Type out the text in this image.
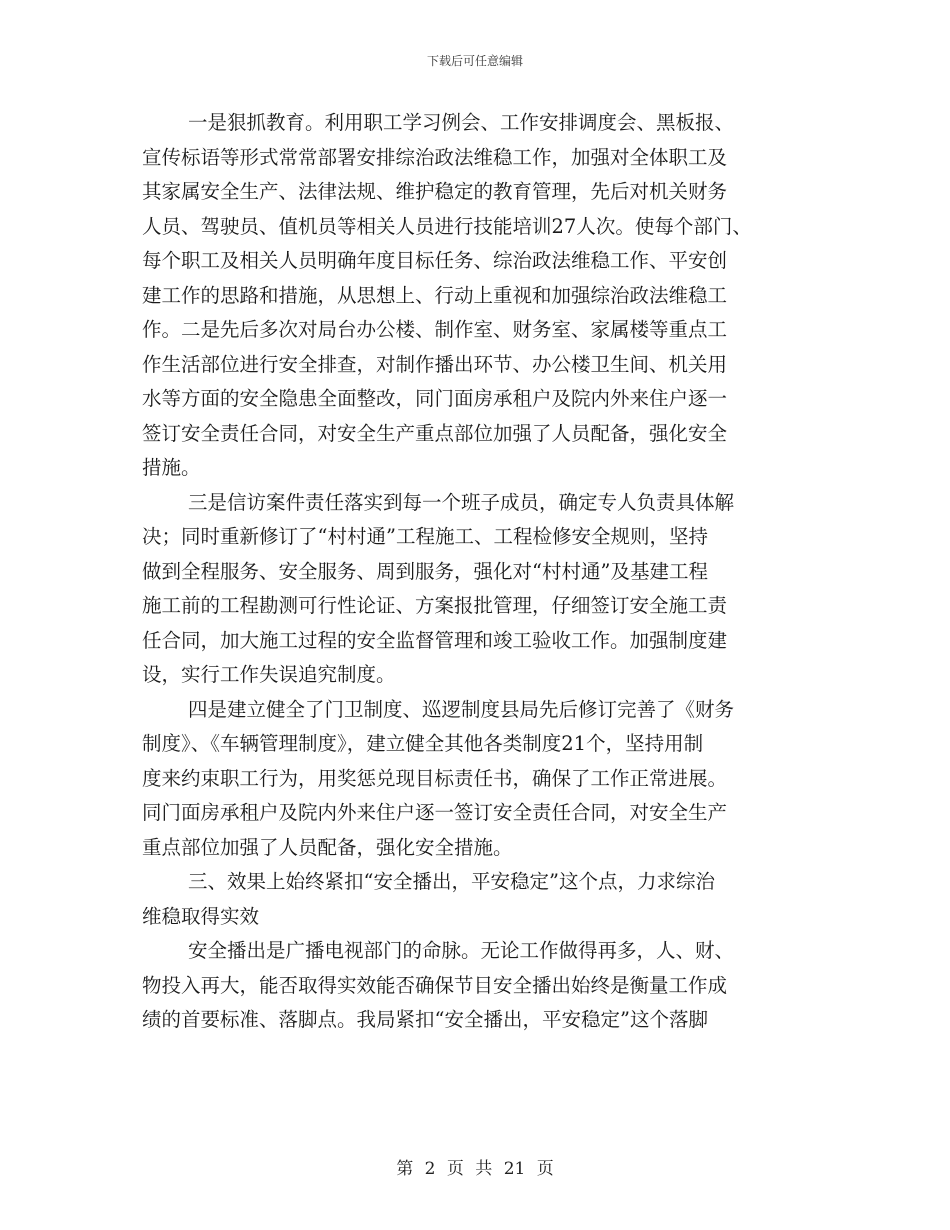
下载后可任意编辑
一是狠抓教育。利用职工学习例会、工作安排调度会、黑板报、
宣传标语等形式常常部署安排综治政法维稳工作，加强对全体职工及
其家属安全生产、法律法规、维护稳定的教育管理，先后对机关财务
人员、驾驶员、值机员等相关人员进行技能培训27人次。使每个部门、
每个职工及相关人员明确年度目标任务、综治政法维稳工作、平安创
建工作的思路和措施，从思想上、行动上重视和加强综治政法维稳工
作。二是先后多次对局台办公楼、制作室、财务室、家属楼等重点工
作生活部位进行安全排查，对制作播出环节、办公楼卫生间、机关用
水等方面的安全隐患全面整改，同门面房承租户及院内外来住户逐一
签订安全责任合同，对安全生产重点部位加强了人员配备，强化安全
措施。
三是信访案件责任落实到每一个班子成员，确定专人负责具体解
决；同时重新修订了“村村通”工程施工、工程检修安全规则，坚持
做到全程服务、安全服务、周到服务，强化对“村村通”及基建工程
施工前的工程勘测可行性论证、方案报批管理，仔细签订安全施工责
任合同，加大施工过程的安全监督管理和竣工验收工作。加强制度建
设，实行工作失误追究制度。
四是建立健全了门卫制度、巡逻制度县局先后修订完善了《财务
制度》、《车辆管理制度》，建立健全其他各类制度21个，坚持用制
度来约束职工行为，用奖惩兑现目标责任书，确保了工作正常进展。
同门面房承租户及院内外来住户逐一签订安全责任合同，对安全生产
重点部位加强了人员配备，强化安全措施。
三、效果上始终紧扣“安全播出，平安稳定”这个点，力求综治
维稳取得实效
安全播出是广播电视部门的命脉。无论工作做得再多，人、财、
物投入再大，能否取得实效能否确保节目安全播出始终是衡量工作成
绩的首要标准、落脚点。我局紧扣“安全播出，平安稳定”这个落脚
第 2 页 共 21 页
